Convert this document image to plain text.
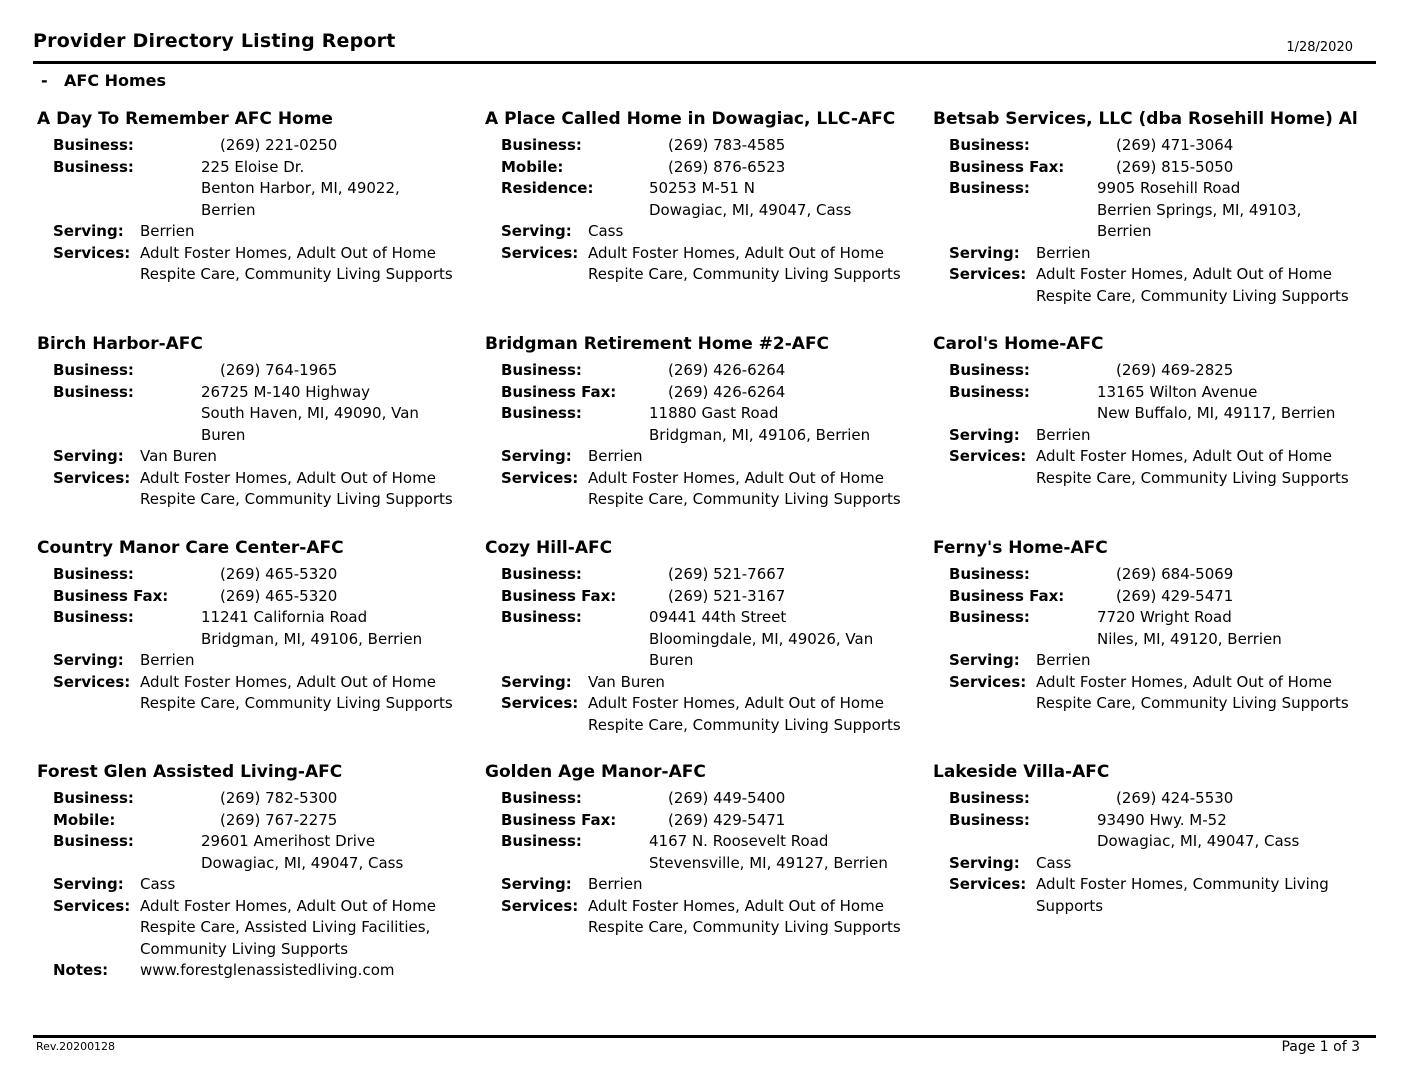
Provider Directory Listing Report	1/28/2020
- AFC Homes
A Day To Remember AFC Home
Business:	(269) 221-0250
Business:	225 Eloise Dr.
Benton Harbor, MI, 49022, Berrien
Serving:	Berrien
Services: Adult Foster Homes, Adult Out of Home Respite Care, Community Living Supports
A Place Called Home in Dowagiac, LLC-AFC
Business:	(269) 783-4585
Mobile:	(269) 876-6523
Residence:	50253 M-51 N
Dowagiac, MI, 49047, Cass
Serving:	Cass
Services: Adult Foster Homes, Adult Out of Home Respite Care, Community Living Supports
Betsab Services, LLC (dba Rosehill Home) Al
Business:	(269) 471-3064
Business Fax:	(269) 815-5050
Business:	9905 Rosehill Road
Berrien Springs, MI, 49103, Berrien
Serving:	Berrien
Services: Adult Foster Homes, Adult Out of Home Respite Care, Community Living Supports
Birch Harbor-AFC
Business:	(269) 764-1965
Business:	26725 M-140 Highway
South Haven, MI, 49090, Van Buren
Serving:	Van Buren
Services: Adult Foster Homes, Adult Out of Home Respite Care, Community Living Supports
Bridgman Retirement Home #2-AFC
Business:	(269) 426-6264
Business Fax:	(269) 426-6264
Business:	11880 Gast Road
Bridgman, MI, 49106, Berrien
Serving:	Berrien
Services: Adult Foster Homes, Adult Out of Home Respite Care, Community Living Supports
Carol's Home-AFC
Business:	(269) 469-2825
Business:	13165 Wilton Avenue
New Buffalo, MI, 49117, Berrien
Serving:	Berrien
Services: Adult Foster Homes, Adult Out of Home Respite Care, Community Living Supports
Country Manor Care Center-AFC
Business:	(269) 465-5320
Business Fax:	(269) 465-5320
Business:	11241 California Road
Bridgman, MI, 49106, Berrien
Serving:	Berrien
Services: Adult Foster Homes, Adult Out of Home Respite Care, Community Living Supports
Cozy Hill-AFC
Business:	(269) 521-7667
Business Fax:	(269) 521-3167
Business:	09441 44th Street
Bloomingdale, MI, 49026, Van Buren
Serving:	Van Buren
Services: Adult Foster Homes, Adult Out of Home Respite Care, Community Living Supports
Ferny's Home-AFC
Business:	(269) 684-5069
Business Fax:	(269) 429-5471
Business:	7720 Wright Road
Niles, MI, 49120, Berrien
Serving:	Berrien
Services: Adult Foster Homes, Adult Out of Home Respite Care, Community Living Supports
Forest Glen Assisted Living-AFC
Business:	(269) 782-5300
Mobile:	(269) 767-2275
Business:	29601 Amerihost Drive
Dowagiac, MI, 49047, Cass
Serving:	Cass
Services: Adult Foster Homes, Adult Out of Home Respite Care, Assisted Living Facilities, Community Living Supports
Notes:	www.forestglenassistedliving.com
Golden Age Manor-AFC
Business:	(269) 449-5400
Business Fax:	(269) 429-5471
Business:	4167 N. Roosevelt Road
Stevensville, MI, 49127, Berrien
Serving:	Berrien
Services: Adult Foster Homes, Adult Out of Home Respite Care, Community Living Supports
Lakeside Villa-AFC
Business:	(269) 424-5530
Business:	93490 Hwy. M-52
Dowagiac, MI, 49047, Cass
Serving:	Cass
Services: Adult Foster Homes, Community Living Supports
Rev.20200128	Page 1 of 3
